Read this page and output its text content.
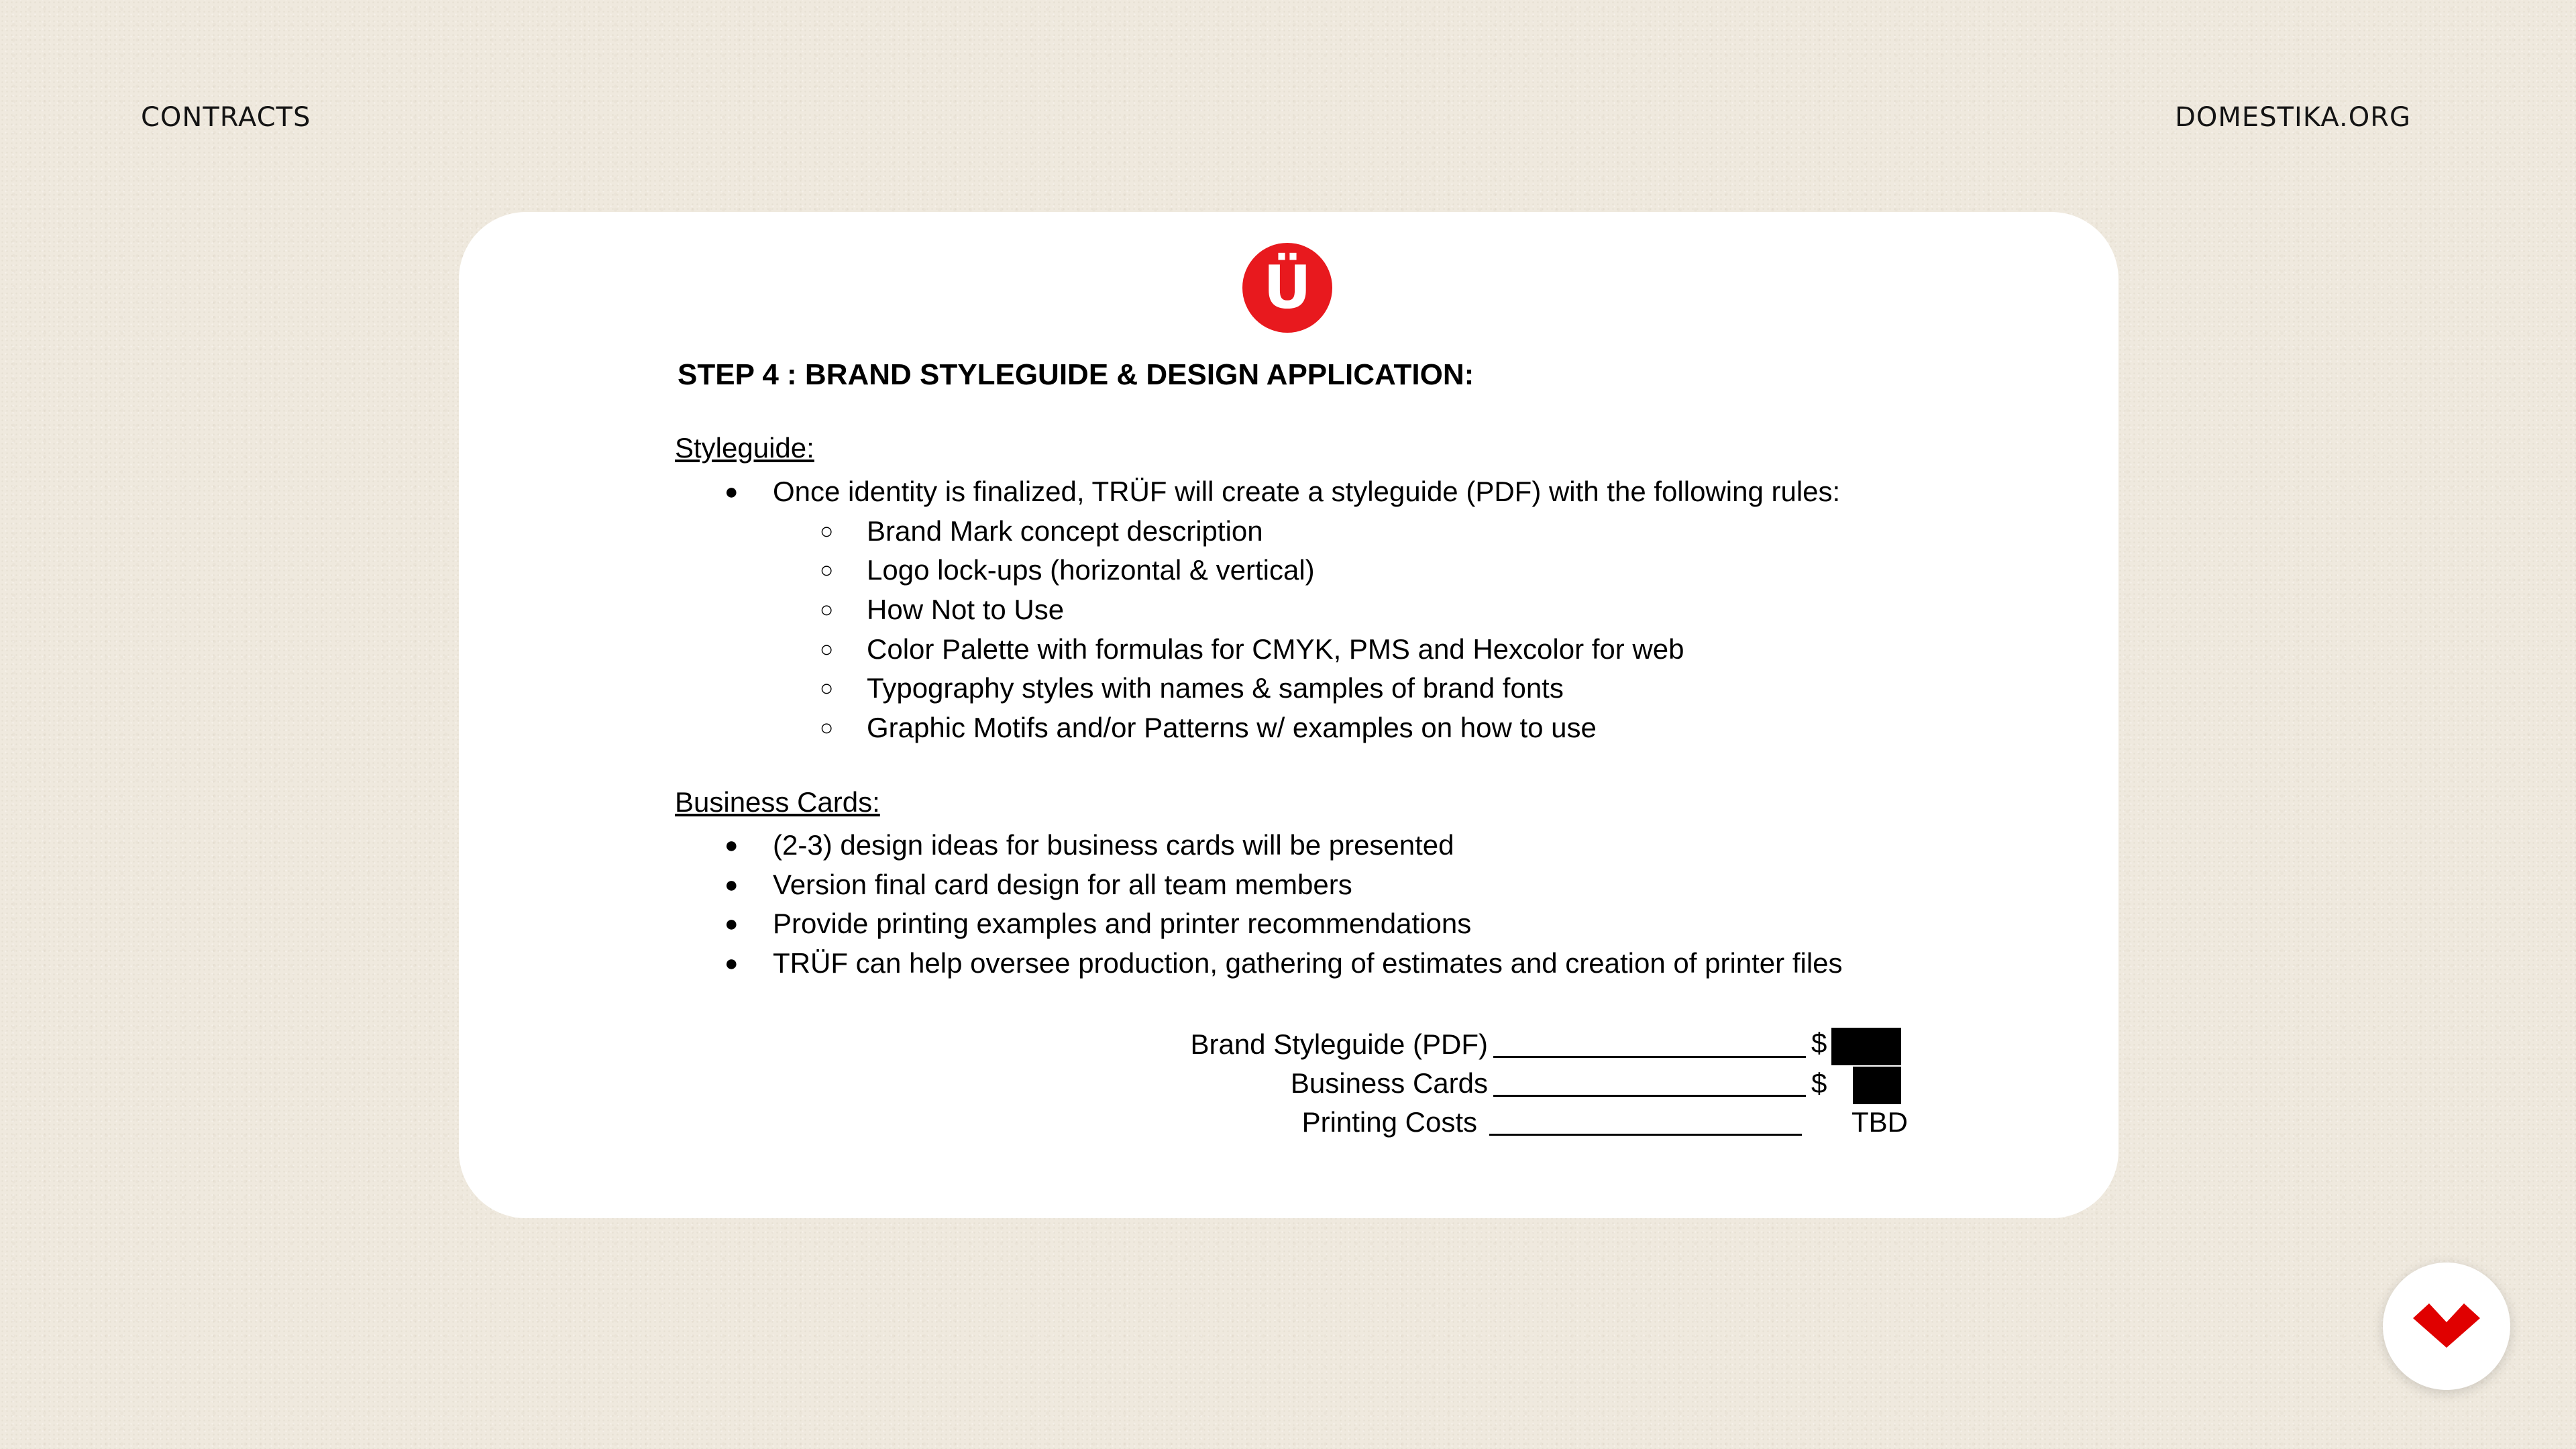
CONTRACTS	DOMESTIKA.ORG
Ü
STEP 4 : BRAND STYLEGUIDE & DESIGN APPLICATION:
Styleguide:
● Once identity is finalized, TRÜF will create a styleguide (PDF) with the following rules:
○ Brand Mark concept description
○ Logo lock-ups (horizontal & vertical)
○ How Not to Use
○ Color Palette with formulas for CMYK, PMS and Hexcolor for web
○ Typography styles with names & samples of brand fonts
○ Graphic Motifs and/or Patterns w/ examples on how to use
Business Cards:
● (2-3) design ideas for business cards will be presented
● Version final card design for all team members
● Provide printing examples and printer recommendations
● TRÜF can help oversee production, gathering of estimates and creation of printer files
Brand Styleguide (PDF)	$
Business Cards	$
Printing Costs	TBD
